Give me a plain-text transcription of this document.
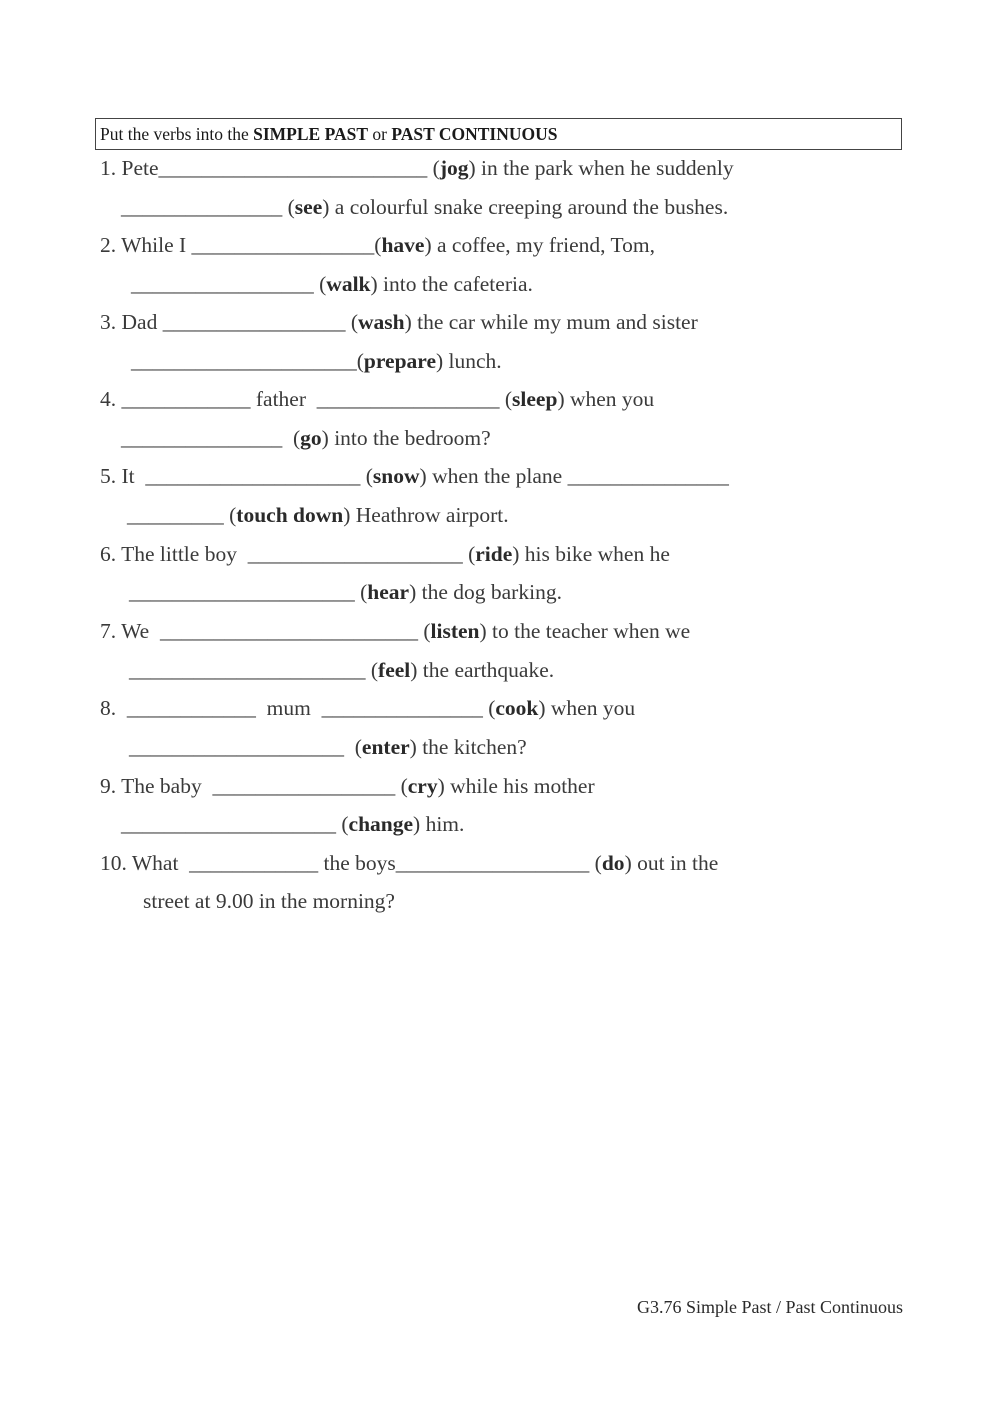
Put the verbs into the SIMPLE PAST or PAST CONTINUOUS
1. Pete_________________________ (jog) in the park when he suddenly
_______________ (see) a colourful snake creeping around the bushes.
2. While I _________________(have) a coffee, my friend, Tom,
_________________ (walk) into the cafeteria.
3. Dad _________________ (wash) the car while my mum and sister
_____________________(prepare) lunch.
4. ____________ father  _________________ (sleep) when you
_______________  (go) into the bedroom?
5. It  ____________________ (snow) when the plane _______________
_________ (touch down) Heathrow airport.
6. The little boy  ____________________ (ride) his bike when he
_____________________ (hear) the dog barking.
7. We  ________________________ (listen) to the teacher when we
______________________ (feel) the earthquake.
8.  ____________  mum  _______________ (cook) when you
____________________  (enter) the kitchen?
9. The baby  _________________ (cry) while his mother
____________________ (change) him.
10. What  ____________ the boys__________________ (do) out in the
street at 9.00 in the morning?
G3.76 Simple Past / Past Continuous
